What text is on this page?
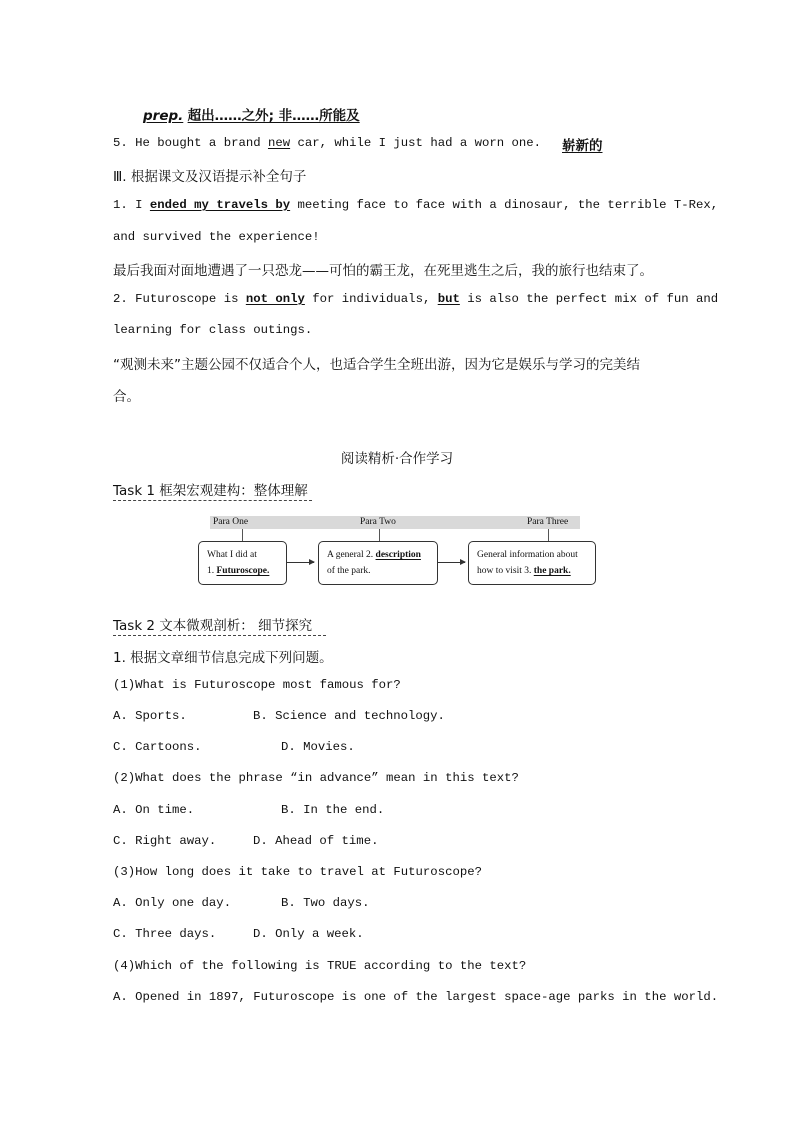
prep. 超出……之外; 非……所能及
5. He bought a brand new car, while I just had a worn one. 崭新的
Ⅲ. 根据课文及汉语提示补全句子
1. I ended my travels by meeting face to face with a dinosaur, the terrible T-Rex,
and survived the experience!
最后我面对面地遭遇了一只恐龙——可怕的霸王龙，在死里逃生之后，我的旅行也结束了。
2. Futuroscope is not only for individuals, but is also the perfect mix of fun and
learning for class outings.
“观测未来”主题公园不仅适合个人，也适合学生全班出游，因为它是娱乐与学习的完美结
合。
阅读精析·合作学习
Task 1 框架宏观建构：整体理解
Para One	Para Two	Para Three
What I did at
1. Futuroscope.
A general 2. description
of the park.
General information about
how to visit 3. the park.
Task 2 文本微观剖析： 细节探究
1. 根据文章细节信息完成下列问题。
(1)What is Futuroscope most famous for?
A. Sports.	B. Science and technology.
C. Cartoons.	D. Movies.
(2)What does the phrase “in advance” mean in this text?
A. On time.	B. In the end.
C. Right away.	D. Ahead of time.
(3)How long does it take to travel at Futuroscope?
A. Only one day.	B. Two days.
C. Three days.	D. Only a week.
(4)Which of the following is TRUE according to the text?
A. Opened in 1897, Futuroscope is one of the largest space-age parks in the world.
